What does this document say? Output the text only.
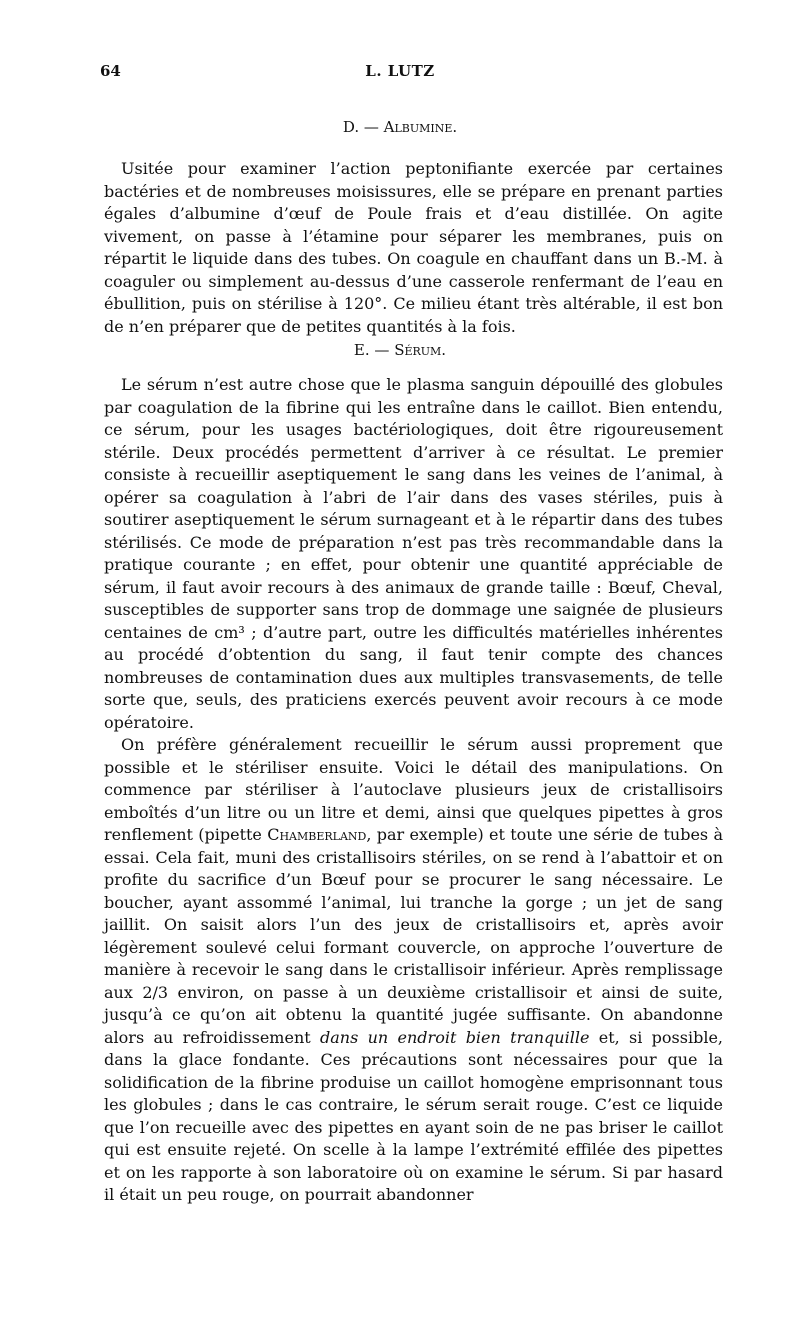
64	L. LUTZ
D. — Albumine.

Usitée pour examiner l’action peptonifiante exercée par certaines bactéries et de nombreuses moisissures, elle se prépare en prenant parties égales d’albumine d’œuf de Poule frais et d’eau distillée. On agite vivement, on passe à l’étamine pour séparer les membranes, puis on répartit le liquide dans des tubes. On coagule en chauffant dans un B.-M. à coaguler ou simplement au-dessus d’une casserole renfermant de l’eau en ébullition, puis on stérilise à 120°. Ce milieu étant très altérable, il est bon de n’en préparer que de petites quantités à la fois.

E. — Sérum.

Le sérum n’est autre chose que le plasma sanguin dépouillé des globules par coagulation de la fibrine qui les entraîne dans le caillot. Bien entendu, ce sérum, pour les usages bactériologiques, doit être rigoureusement stérile. Deux procédés permettent d’arriver à ce résultat. Le premier consiste à recueillir aseptiquement le sang dans les veines de l’animal, à opérer sa coagulation à l’abri de l’air dans des vases stériles, puis à soutirer aseptiquement le sérum surnageant et à le répartir dans des tubes stérilisés. Ce mode de préparation n’est pas très recommandable dans la pratique courante ; en effet, pour obtenir une quantité appréciable de sérum, il faut avoir recours à des animaux de grande taille : Bœuf, Cheval, susceptibles de supporter sans trop de dommage une saignée de plusieurs centaines de cm³ ; d’autre part, outre les difficultés matérielles inhérentes au procédé d’obtention du sang, il faut tenir compte des chances nombreuses de contamination dues aux multiples transvasements, de telle sorte que, seuls, des praticiens exercés peuvent avoir recours à ce mode opératoire.

On préfère généralement recueillir le sérum aussi proprement que possible et le stériliser ensuite. Voici le détail des manipulations. On commence par stériliser à l’autoclave plusieurs jeux de cristallisoirs emboîtés d’un litre ou un litre et demi, ainsi que quelques pipettes à gros renflement (pipette Chamberland, par exemple) et toute une série de tubes à essai. Cela fait, muni des cristallisoirs stériles, on se rend à l’abattoir et on profite du sacrifice d’un Bœuf pour se procurer le sang nécessaire. Le boucher, ayant assommé l’animal, lui tranche la gorge ; un jet de sang jaillit. On saisit alors l’un des jeux de cristallisoirs et, après avoir légèrement soulevé celui formant couvercle, on approche l’ouverture de manière à recevoir le sang dans le cristallisoir inférieur. Après remplissage aux 2/3 environ, on passe à un deuxième cristallisoir et ainsi de suite, jusqu’à ce qu’on ait obtenu la quantité jugée suffisante. On abandonne alors au refroidissement dans un endroit bien tranquille et, si possible, dans la glace fondante. Ces précautions sont nécessaires pour que la solidification de la fibrine produise un caillot homogène emprisonnant tous les globules ; dans le cas contraire, le sérum serait rouge. C’est ce liquide que l’on recueille avec des pipettes en ayant soin de ne pas briser le caillot qui est ensuite rejeté. On scelle à la lampe l’extrémité effilée des pipettes et on les rapporte à son laboratoire où on examine le sérum. Si par hasard il était un peu rouge, on pourrait abandonner
